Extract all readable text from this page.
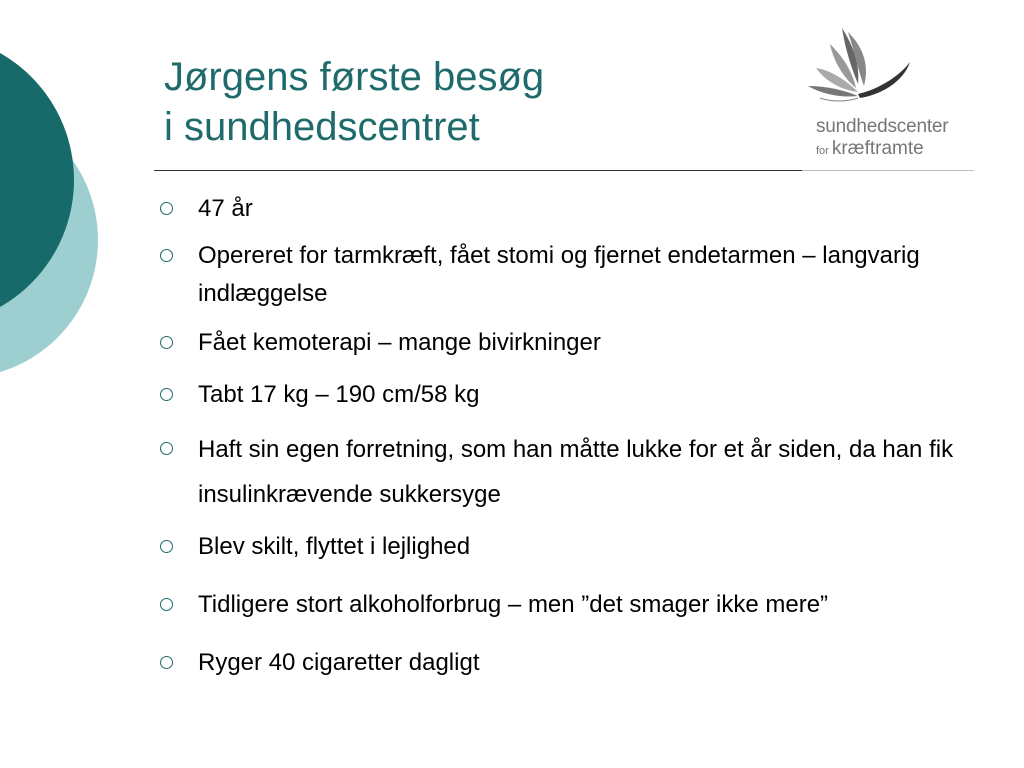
Jørgens første besøg
i sundhedscentret	sundhedscenter
for kræftramte
47 år
Opereret for tarmkræft, fået stomi og fjernet endetarmen – langvarig indlæggelse
Fået kemoterapi – mange bivirkninger
Tabt 17 kg – 190 cm/58 kg
Haft sin egen forretning, som han måtte lukke for et år siden, da han fik insulinkrævende sukkersyge
Blev skilt, flyttet i lejlighed
Tidligere stort alkoholforbrug – men ”det smager ikke mere”
Ryger 40 cigaretter dagligt
